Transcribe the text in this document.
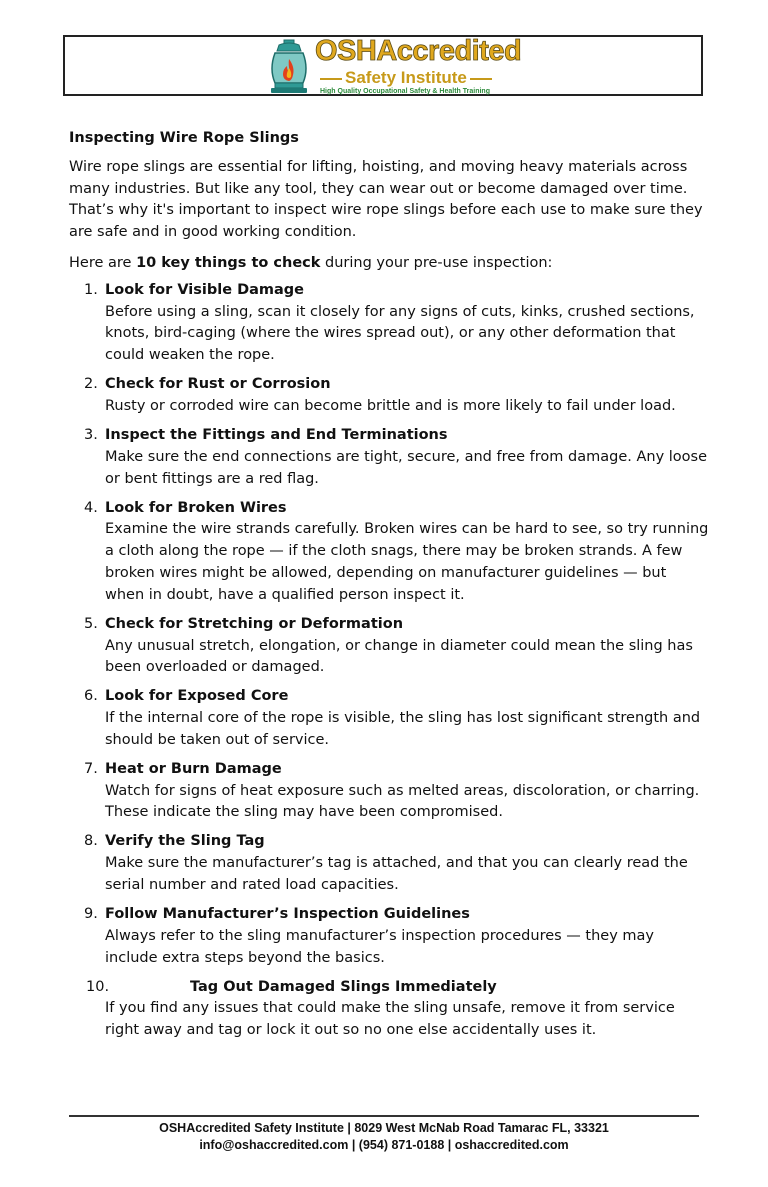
OSHAccredited
Safety Institute
High Quality Occupational Safety & Health Training
Inspecting Wire Rope Slings

Wire rope slings are essential for lifting, hoisting, and moving heavy materials across many industries. But like any tool, they can wear out or become damaged over time. That’s why it's important to inspect wire rope slings before each use to make sure they are safe and in good working condition.

Here are 10 key things to check during your pre-use inspection:

1. Look for Visible Damage
Before using a sling, scan it closely for any signs of cuts, kinks, crushed sections, knots, bird-caging (where the wires spread out), or any other deformation that could weaken the rope.
2. Check for Rust or Corrosion
Rusty or corroded wire can become brittle and is more likely to fail under load.
3. Inspect the Fittings and End Terminations
Make sure the end connections are tight, secure, and free from damage. Any loose or bent fittings are a red flag.
4. Look for Broken Wires
Examine the wire strands carefully. Broken wires can be hard to see, so try running a cloth along the rope — if the cloth snags, there may be broken strands. A few broken wires might be allowed, depending on manufacturer guidelines — but when in doubt, have a qualified person inspect it.
5. Check for Stretching or Deformation
Any unusual stretch, elongation, or change in diameter could mean the sling has been overloaded or damaged.
6. Look for Exposed Core
If the internal core of the rope is visible, the sling has lost significant strength and should be taken out of service.
7. Heat or Burn Damage
Watch for signs of heat exposure such as melted areas, discoloration, or charring. These indicate the sling may have been compromised.
8. Verify the Sling Tag
Make sure the manufacturer’s tag is attached, and that you can clearly read the serial number and rated load capacities.
9. Follow Manufacturer’s Inspection Guidelines
Always refer to the sling manufacturer’s inspection procedures — they may include extra steps beyond the basics.
10.	Tag Out Damaged Slings Immediately
If you find any issues that could make the sling unsafe, remove it from service right away and tag or lock it out so no one else accidentally uses it.
OSHAccredited Safety Institute | 8029 West McNab Road Tamarac FL, 33321
info@oshaccredited.com | (954) 871-0188 | oshaccredited.com
